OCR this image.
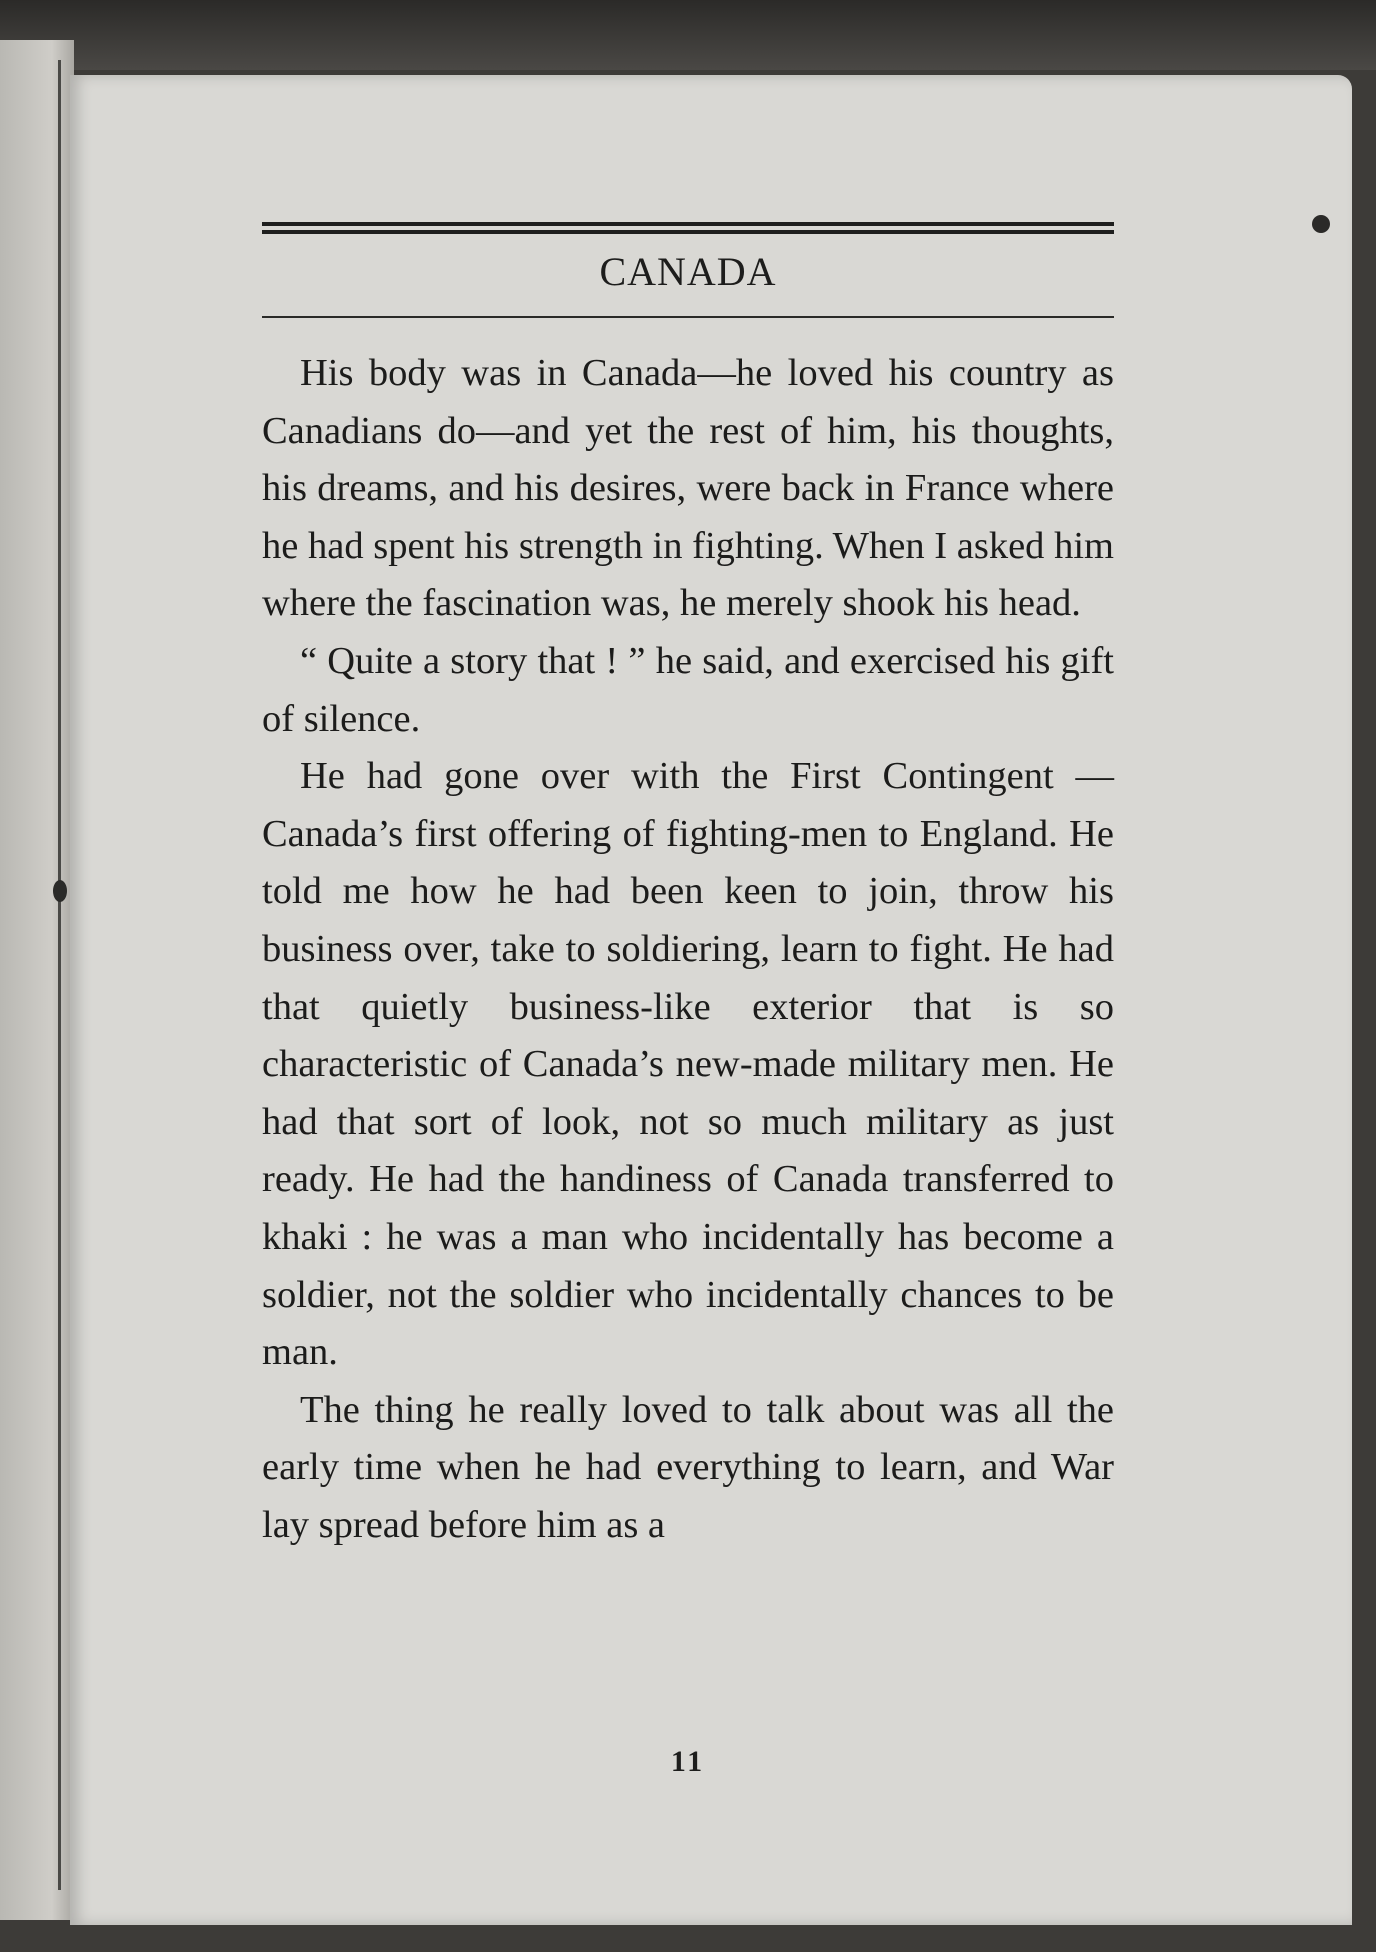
CANADA

His body was in Canada—he loved his country as Canadians do—and yet the rest of him, his thoughts, his dreams, and his desires, were back in France where he had spent his strength in fighting. When I asked him where the fascination was, he merely shook his head.

“ Quite a story that ! ” he said, and exercised his gift of silence.

He had gone over with the First Contingent —Canada’s first offering of fighting-men to England. He told me how he had been keen to join, throw his business over, take to soldiering, learn to fight. He had that quietly business-like exterior that is so characteristic of Canada’s new-made military men. He had that sort of look, not so much military as just ready. He had the handiness of Canada transferred to khaki : he was a man who incidentally has become a soldier, not the soldier who incidentally chances to be man.

The thing he really loved to talk about was all the early time when he had everything to learn, and War lay spread before him as a

11
